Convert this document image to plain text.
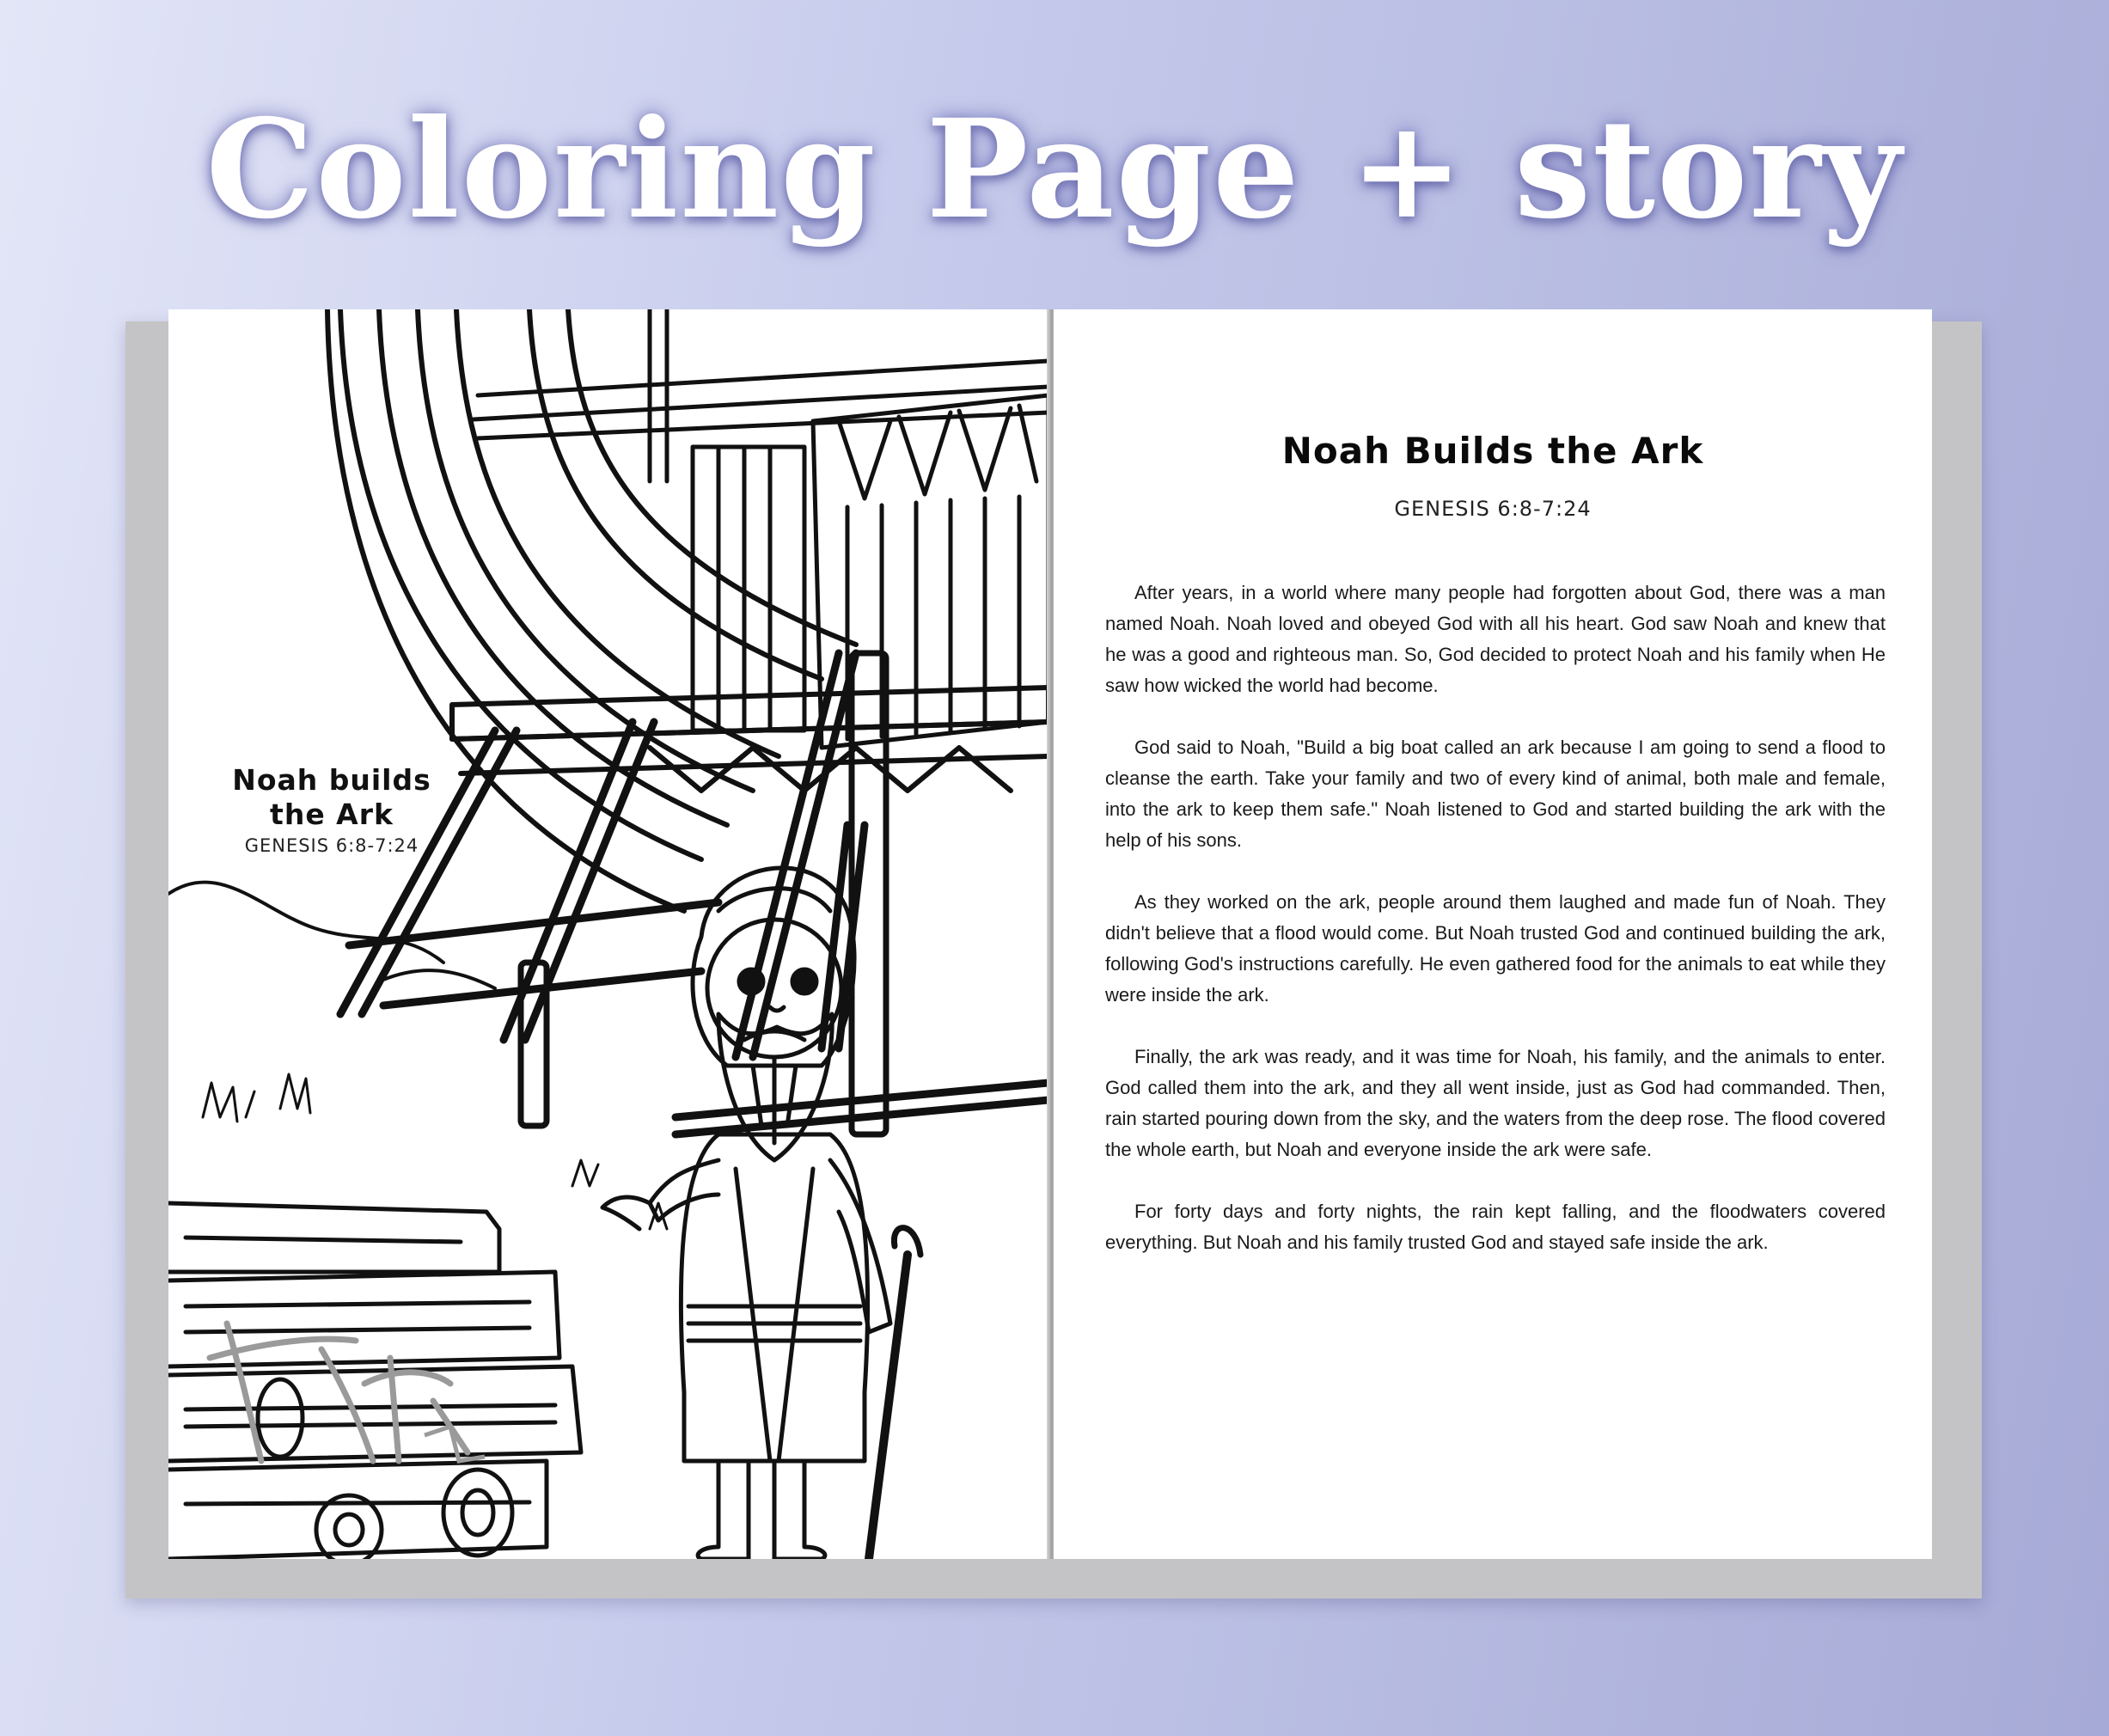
Coloring Page + story
Noah builds
the Ark
GENESIS 6:8-7:24
Noah Builds the Ark
GENESIS 6:8-7:24

After years, in a world where many people had forgotten about God, there was a man named Noah. Noah loved and obeyed God with all his heart. God saw Noah and knew that he was a good and righteous man. So, God decided to protect Noah and his family when He saw how wicked the world had become.

God said to Noah, "Build a big boat called an ark because I am going to send a flood to cleanse the earth. Take your family and two of every kind of animal, both male and female, into the ark to keep them safe." Noah listened to God and started building the ark with the help of his sons.

As they worked on the ark, people around them laughed and made fun of Noah. They didn't believe that a flood would come. But Noah trusted God and continued building the ark, following God's instructions carefully. He even gathered food for the animals to eat while they were inside the ark.

Finally, the ark was ready, and it was time for Noah, his family, and the animals to enter. God called them into the ark, and they all went inside, just as God had commanded. Then, rain started pouring down from the sky, and the waters from the deep rose. The flood covered the whole earth, but Noah and everyone inside the ark were safe.

For forty days and forty nights, the rain kept falling, and the floodwaters covered everything. But Noah and his family trusted God and stayed safe inside the ark.
